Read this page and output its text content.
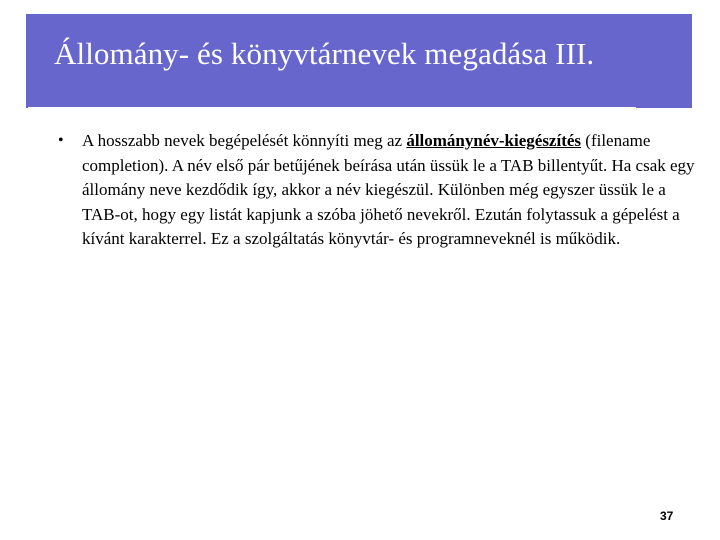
Állomány- és könyvtárnevek megadása III.
•	A hosszabb nevek begépelését könnyíti meg az állománynév-kiegészítés (filename completion). A név első pár betűjének beírása után üssük le a TAB billentyűt. Ha csak egy állomány neve kezdődik így, akkor a név kiegészül. Különben még egyszer üssük le a TAB-ot, hogy egy listát kapjunk a szóba jöhető nevekről. Ezután folytassuk a gépelést a kívánt karakterrel. Ez a szolgáltatás könyvtár- és programneveknél is működik.

37
